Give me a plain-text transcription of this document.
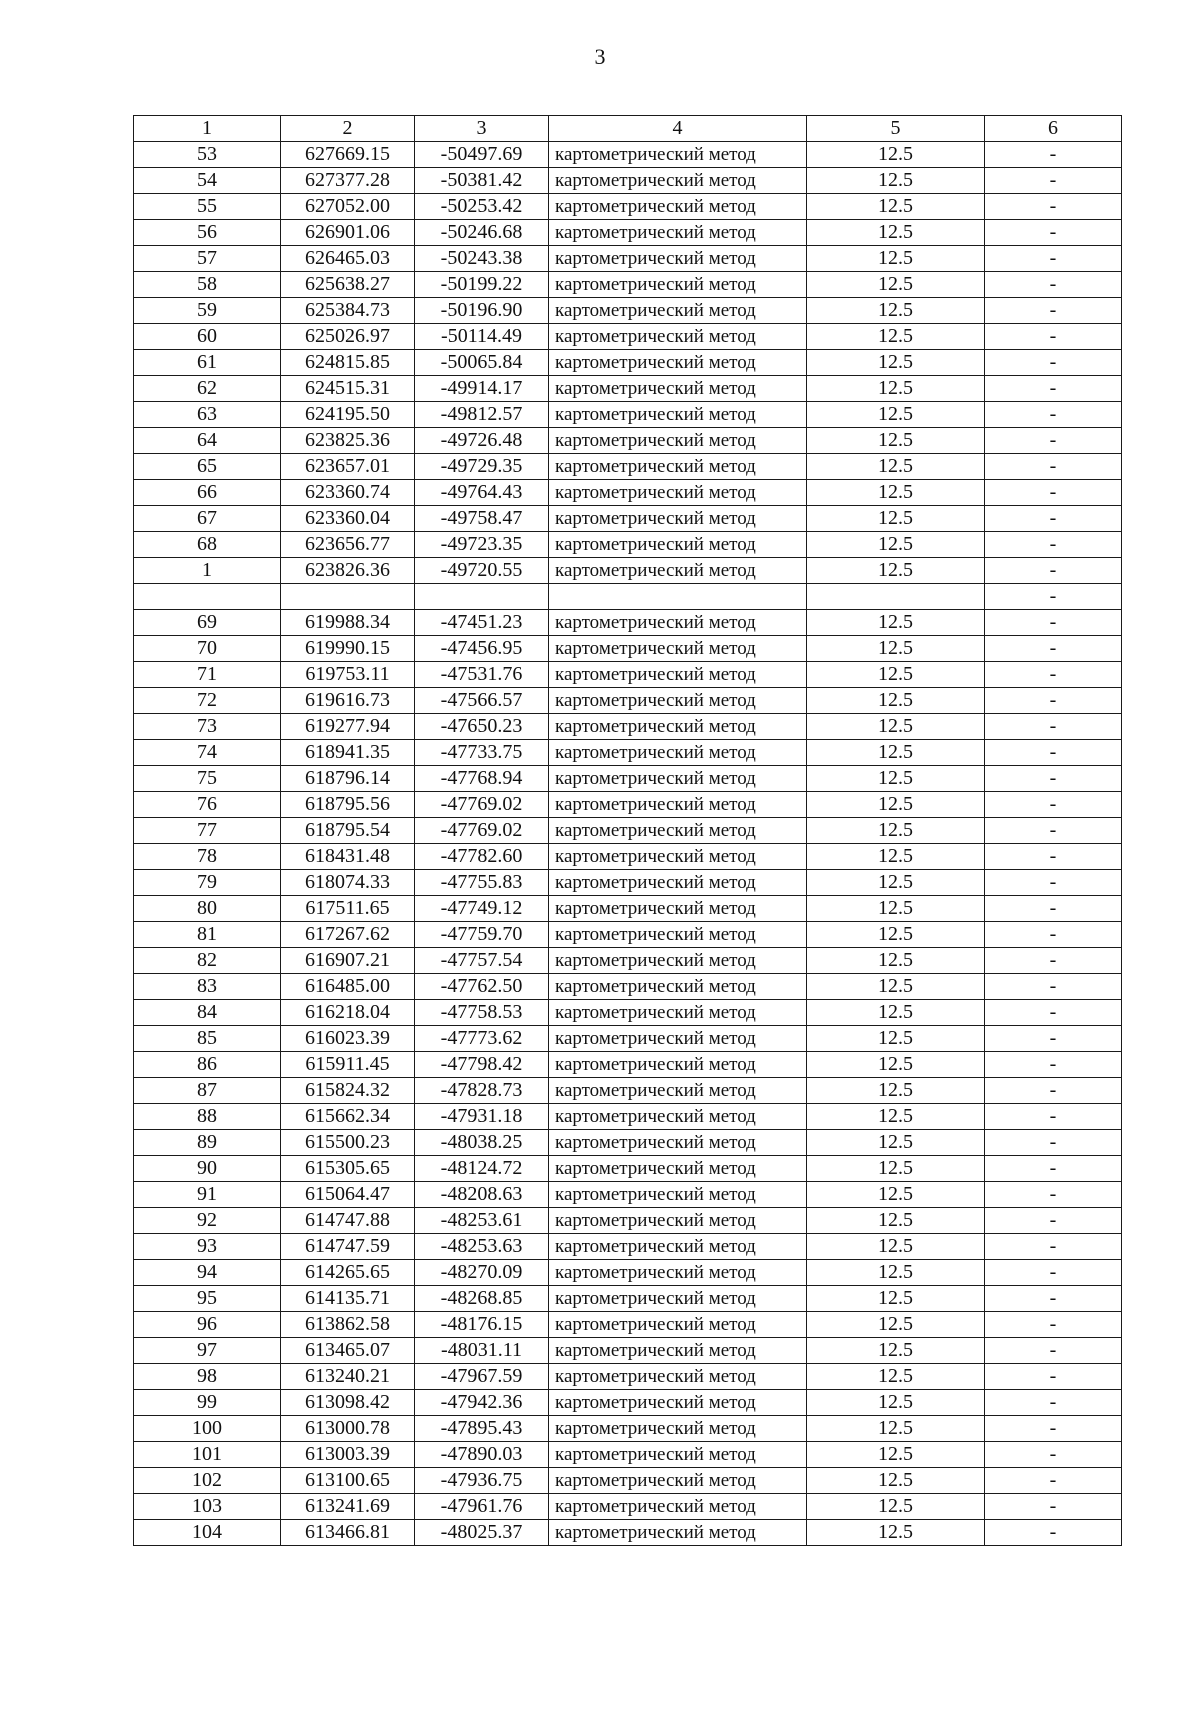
3
1	2	3	4	5	6
53	627669.15	-50497.69	картометрический метод	12.5	-
54	627377.28	-50381.42	картометрический метод	12.5	-
55	627052.00	-50253.42	картометрический метод	12.5	-
56	626901.06	-50246.68	картометрический метод	12.5	-
57	626465.03	-50243.38	картометрический метод	12.5	-
58	625638.27	-50199.22	картометрический метод	12.5	-
59	625384.73	-50196.90	картометрический метод	12.5	-
60	625026.97	-50114.49	картометрический метод	12.5	-
61	624815.85	-50065.84	картометрический метод	12.5	-
62	624515.31	-49914.17	картометрический метод	12.5	-
63	624195.50	-49812.57	картометрический метод	12.5	-
64	623825.36	-49726.48	картометрический метод	12.5	-
65	623657.01	-49729.35	картометрический метод	12.5	-
66	623360.74	-49764.43	картометрический метод	12.5	-
67	623360.04	-49758.47	картометрический метод	12.5	-
68	623656.77	-49723.35	картометрический метод	12.5	-
1	623826.36	-49720.55	картометрический метод	12.5	-
					-
69	619988.34	-47451.23	картометрический метод	12.5	-
70	619990.15	-47456.95	картометрический метод	12.5	-
71	619753.11	-47531.76	картометрический метод	12.5	-
72	619616.73	-47566.57	картометрический метод	12.5	-
73	619277.94	-47650.23	картометрический метод	12.5	-
74	618941.35	-47733.75	картометрический метод	12.5	-
75	618796.14	-47768.94	картометрический метод	12.5	-
76	618795.56	-47769.02	картометрический метод	12.5	-
77	618795.54	-47769.02	картометрический метод	12.5	-
78	618431.48	-47782.60	картометрический метод	12.5	-
79	618074.33	-47755.83	картометрический метод	12.5	-
80	617511.65	-47749.12	картометрический метод	12.5	-
81	617267.62	-47759.70	картометрический метод	12.5	-
82	616907.21	-47757.54	картометрический метод	12.5	-
83	616485.00	-47762.50	картометрический метод	12.5	-
84	616218.04	-47758.53	картометрический метод	12.5	-
85	616023.39	-47773.62	картометрический метод	12.5	-
86	615911.45	-47798.42	картометрический метод	12.5	-
87	615824.32	-47828.73	картометрический метод	12.5	-
88	615662.34	-47931.18	картометрический метод	12.5	-
89	615500.23	-48038.25	картометрический метод	12.5	-
90	615305.65	-48124.72	картометрический метод	12.5	-
91	615064.47	-48208.63	картометрический метод	12.5	-
92	614747.88	-48253.61	картометрический метод	12.5	-
93	614747.59	-48253.63	картометрический метод	12.5	-
94	614265.65	-48270.09	картометрический метод	12.5	-
95	614135.71	-48268.85	картометрический метод	12.5	-
96	613862.58	-48176.15	картометрический метод	12.5	-
97	613465.07	-48031.11	картометрический метод	12.5	-
98	613240.21	-47967.59	картометрический метод	12.5	-
99	613098.42	-47942.36	картометрический метод	12.5	-
100	613000.78	-47895.43	картометрический метод	12.5	-
101	613003.39	-47890.03	картометрический метод	12.5	-
102	613100.65	-47936.75	картометрический метод	12.5	-
103	613241.69	-47961.76	картометрический метод	12.5	-
104	613466.81	-48025.37	картометрический метод	12.5	-
